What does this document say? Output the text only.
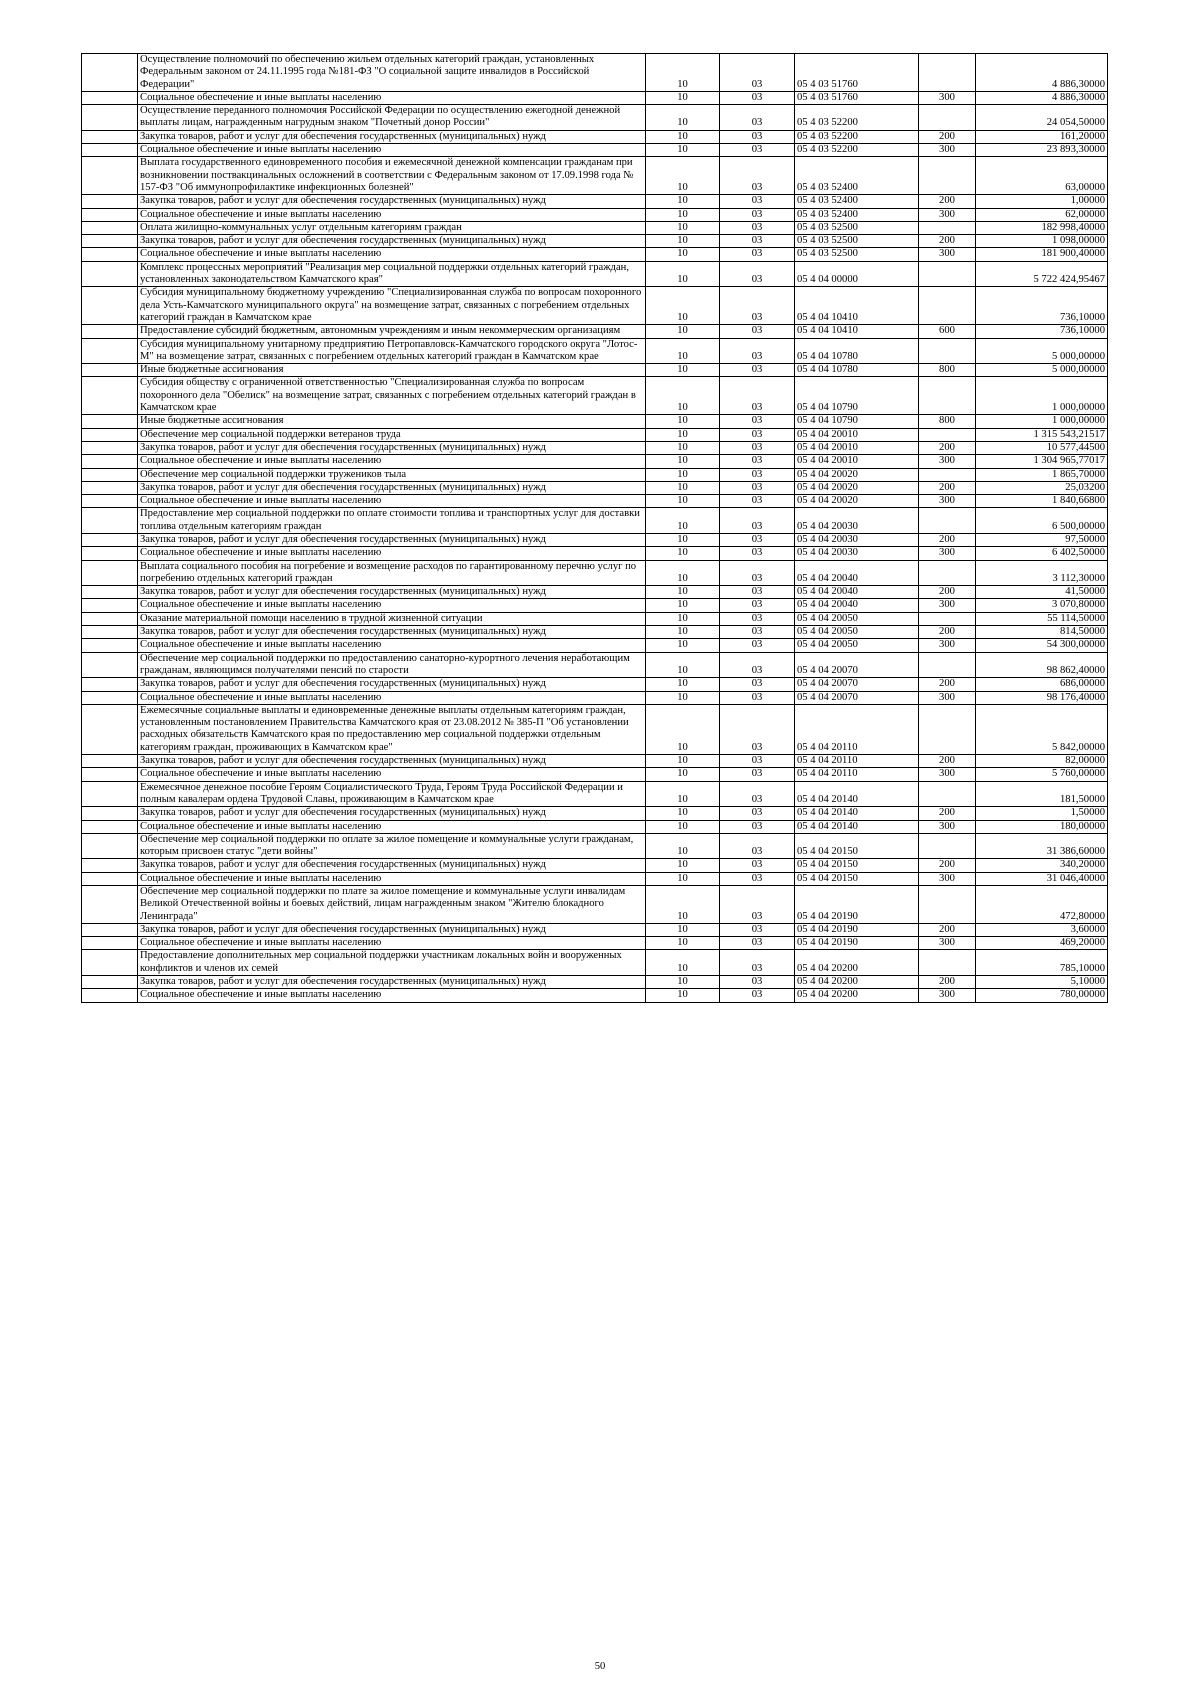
	Осуществление полномочий по обеспечению жильем отдельных категорий граждан, установленных Федеральным законом от 24.11.1995 года №181-ФЗ "О социальной защите инвалидов в Российской Федерации"	10	03	05 4 03 51760		4 886,30000
	Социальное обеспечение и иные выплаты населению	10	03	05 4 03 51760	300	4 886,30000
	Осуществление переданного полномочия Российской Федерации по осуществлению ежегодной денежной выплаты лицам, награжденным нагрудным знаком "Почетный донор России"	10	03	05 4 03 52200		24 054,50000
	Закупка товаров, работ и услуг для обеспечения государственных (муниципальных) нужд	10	03	05 4 03 52200	200	161,20000
	Социальное обеспечение и иные выплаты населению	10	03	05 4 03 52200	300	23 893,30000
	Выплата государственного единовременного пособия и ежемесячной денежной компенсации гражданам при возникновении поствакцинальных осложнений в соответствии с Федеральным законом от 17.09.1998 года № 157-ФЗ "Об иммунопрофилактике инфекционных болезней"	10	03	05 4 03 52400		63,00000
	Закупка товаров, работ и услуг для обеспечения государственных (муниципальных) нужд	10	03	05 4 03 52400	200	1,00000
	Социальное обеспечение и иные выплаты населению	10	03	05 4 03 52400	300	62,00000
	Оплата жилищно-коммунальных услуг отдельным категориям граждан	10	03	05 4 03 52500		182 998,40000
	Закупка товаров, работ и услуг для обеспечения государственных (муниципальных) нужд	10	03	05 4 03 52500	200	1 098,00000
	Социальное обеспечение и иные выплаты населению	10	03	05 4 03 52500	300	181 900,40000
	Комплекс процессных мероприятий "Реализация мер социальной поддержки отдельных категорий граждан, установленных законодательством Камчатского края"	10	03	05 4 04 00000		5 722 424,95467
	Субсидия муниципальному бюджетному учреждению "Специализированная служба по вопросам похоронного дела Усть-Камчатского муниципального округа" на возмещение затрат, связанных с погребением отдельных категорий граждан в Камчатском крае	10	03	05 4 04 10410		736,10000
	Предоставление субсидий бюджетным, автономным учреждениям и иным некоммерческим организациям	10	03	05 4 04 10410	600	736,10000
	Субсидия муниципальному унитарному предприятию Петропавловск-Камчатского городского округа "Лотос-М" на возмещение затрат, связанных с погребением отдельных категорий граждан в Камчатском крае	10	03	05 4 04 10780		5 000,00000
	Иные бюджетные ассигнования	10	03	05 4 04 10780	800	5 000,00000
	Субсидия обществу с ограниченной ответственностью "Специализированная служба по вопросам похоронного дела "Обелиск" на возмещение затрат, связанных с погребением отдельных категорий граждан в Камчатском крае	10	03	05 4 04 10790		1 000,00000
	Иные бюджетные ассигнования	10	03	05 4 04 10790	800	1 000,00000
	Обеспечение мер социальной поддержки ветеранов труда	10	03	05 4 04 20010		1 315 543,21517
	Закупка товаров, работ и услуг для обеспечения государственных (муниципальных) нужд	10	03	05 4 04 20010	200	10 577,44500
	Социальное обеспечение и иные выплаты населению	10	03	05 4 04 20010	300	1 304 965,77017
	Обеспечение мер социальной поддержки тружеников тыла	10	03	05 4 04 20020		1 865,70000
	Закупка товаров, работ и услуг для обеспечения государственных (муниципальных) нужд	10	03	05 4 04 20020	200	25,03200
	Социальное обеспечение и иные выплаты населению	10	03	05 4 04 20020	300	1 840,66800
	Предоставление мер социальной поддержки по оплате стоимости топлива и транспортных услуг для доставки топлива отдельным категориям граждан	10	03	05 4 04 20030		6 500,00000
	Закупка товаров, работ и услуг для обеспечения государственных (муниципальных) нужд	10	03	05 4 04 20030	200	97,50000
	Социальное обеспечение и иные выплаты населению	10	03	05 4 04 20030	300	6 402,50000
	Выплата социального пособия на погребение и возмещение расходов по гарантированному перечню услуг по погребению отдельных категорий граждан	10	03	05 4 04 20040		3 112,30000
	Закупка товаров, работ и услуг для обеспечения государственных (муниципальных) нужд	10	03	05 4 04 20040	200	41,50000
	Социальное обеспечение и иные выплаты населению	10	03	05 4 04 20040	300	3 070,80000
	Оказание материальной помощи населению в трудной жизненной ситуации	10	03	05 4 04 20050		55 114,50000
	Закупка товаров, работ и услуг для обеспечения государственных (муниципальных) нужд	10	03	05 4 04 20050	200	814,50000
	Социальное обеспечение и иные выплаты населению	10	03	05 4 04 20050	300	54 300,00000
	Обеспечение мер социальной поддержки по предоставлению санаторно-курортного лечения неработающим гражданам, являющимся получателями пенсий по старости	10	03	05 4 04 20070		98 862,40000
	Закупка товаров, работ и услуг для обеспечения государственных (муниципальных) нужд	10	03	05 4 04 20070	200	686,00000
	Социальное обеспечение и иные выплаты населению	10	03	05 4 04 20070	300	98 176,40000
	Ежемесячные социальные выплаты и единовременные денежные выплаты отдельным категориям граждан, установленным постановлением Правительства Камчатского края от 23.08.2012 № 385-П "Об установлении расходных обязательств Камчатского края по предоставлению мер социальной поддержки отдельным категориям граждан, проживающих в Камчатском крае"	10	03	05 4 04 20110		5 842,00000
	Закупка товаров, работ и услуг для обеспечения государственных (муниципальных) нужд	10	03	05 4 04 20110	200	82,00000
	Социальное обеспечение и иные выплаты населению	10	03	05 4 04 20110	300	5 760,00000
	Ежемесячное денежное пособие Героям Социалистического Труда, Героям Труда Российской Федерации и полным кавалерам ордена Трудовой Славы, проживающим в Камчатском крае	10	03	05 4 04 20140		181,50000
	Закупка товаров, работ и услуг для обеспечения государственных (муниципальных) нужд	10	03	05 4 04 20140	200	1,50000
	Социальное обеспечение и иные выплаты населению	10	03	05 4 04 20140	300	180,00000
	Обеспечение мер социальной поддержки по оплате за жилое помещение и коммунальные услуги гражданам, которым присвоен статус "дети войны"	10	03	05 4 04 20150		31 386,60000
	Закупка товаров, работ и услуг для обеспечения государственных (муниципальных) нужд	10	03	05 4 04 20150	200	340,20000
	Социальное обеспечение и иные выплаты населению	10	03	05 4 04 20150	300	31 046,40000
	Обеспечение мер социальной поддержки по плате за жилое помещение и коммунальные услуги инвалидам Великой Отечественной войны и боевых действий, лицам награжденным знаком "Жителю блокадного Ленинграда"	10	03	05 4 04 20190		472,80000
	Закупка товаров, работ и услуг для обеспечения государственных (муниципальных) нужд	10	03	05 4 04 20190	200	3,60000
	Социальное обеспечение и иные выплаты населению	10	03	05 4 04 20190	300	469,20000
	Предоставление дополнительных мер социальной поддержки участникам локальных войн и вооруженных конфликтов и членов их семей	10	03	05 4 04 20200		785,10000
	Закупка товаров, работ и услуг для обеспечения государственных (муниципальных) нужд	10	03	05 4 04 20200	200	5,10000
	Социальное обеспечение и иные выплаты населению	10	03	05 4 04 20200	300	780,00000
50
